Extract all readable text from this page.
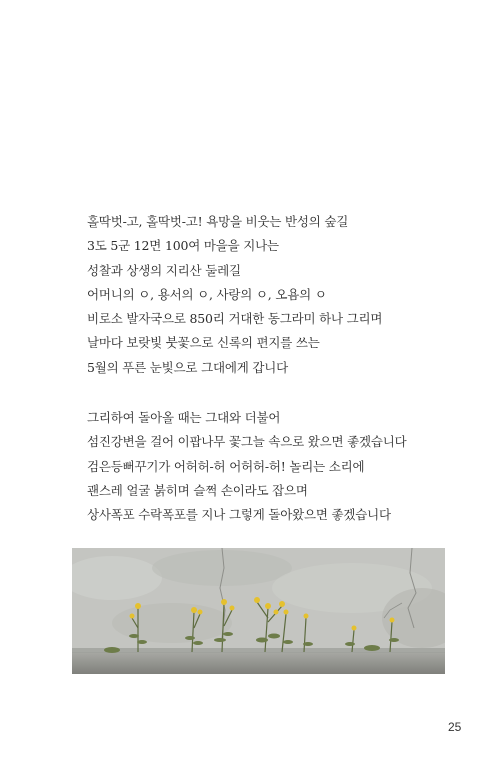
홀딱벗-고, 홀딱벗-고! 욕망을 비웃는 반성의 숲길
3도 5군 12면 100여 마을을 지나는
성찰과 상생의 지리산 둘레길
어머니의 ㅇ, 용서의 ㅇ, 사랑의 ㅇ, 오욤의 ㅇ
비로소 발자국으로 850리 거대한 동그라미 하나 그리며
날마다 보랏빛 붓꽃으로 신록의 편지를 쓰는
5월의 푸른 눈빛으로 그대에게 갑니다

그리하여 돌아올 때는 그대와 더불어
섬진강변을 걸어 이팝나무 꽃그늘 속으로 왔으면 좋겠습니다
검은등뻐꾸기가 어허허-허 어허허-허! 놀리는 소리에
괜스레 얼굴 붉히며 슬쩍 손이라도 잡으며
상사폭포 수락폭포를 지나 그렇게 돌아왔으면 좋겠습니다

25
